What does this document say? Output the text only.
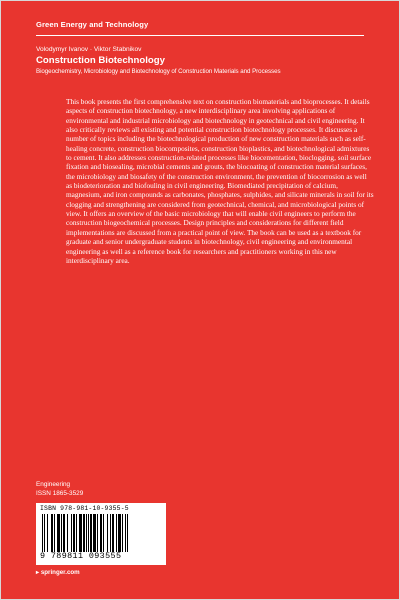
Green Energy and Technology
Volodymyr Ivanov · Viktor Stabnikov
Construction Biotechnology
Biogeochemistry, Microbiology and Biotechnology of Construction Materials and Processes

This book presents the first comprehensive text on construction biomaterials and bioprocesses. It details aspects of construction biotechnology, a new interdisciplinary area involving applications of environmental and industrial microbiology and biotechnology in geotechnical and civil engineering. It also critically reviews all existing and potential construction biotechnology processes. It discusses a number of topics including the biotechnological production of new construction materials such as self-healing concrete, construction biocomposites, construction bioplastics, and biotechnological admixtures to cement. It also addresses construction-related processes like biocementation, bioclogging, soil surface fixation and biosealing, microbial cements and grouts, the biocoating of construction material surfaces, the microbiology and biosafety of the construction environment, the prevention of biocorrosion as well as biodeterioration and biofouling in civil engineering. Biomediated precipitation of calcium, magnesium, and iron compounds as carbonates, phosphates, sulphides, and silicate minerals in soil for its clogging and strengthening are considered from geotechnical, chemical, and microbiological points of view. It offers an overview of the basic microbiology that will enable civil engineers to perform the construction biogeochemical processes. Design principles and considerations for different field implementations are discussed from a practical point of view. The book can be used as a textbook for graduate and senior undergraduate students in biotechnology, civil engineering and environmental engineering as well as a reference book for researchers and practitioners working in this new interdisciplinary area.

Engineering
ISSN 1865-3529
ISBN 978-981-10-9355-5
9 789811 093555
▸ springer.com
